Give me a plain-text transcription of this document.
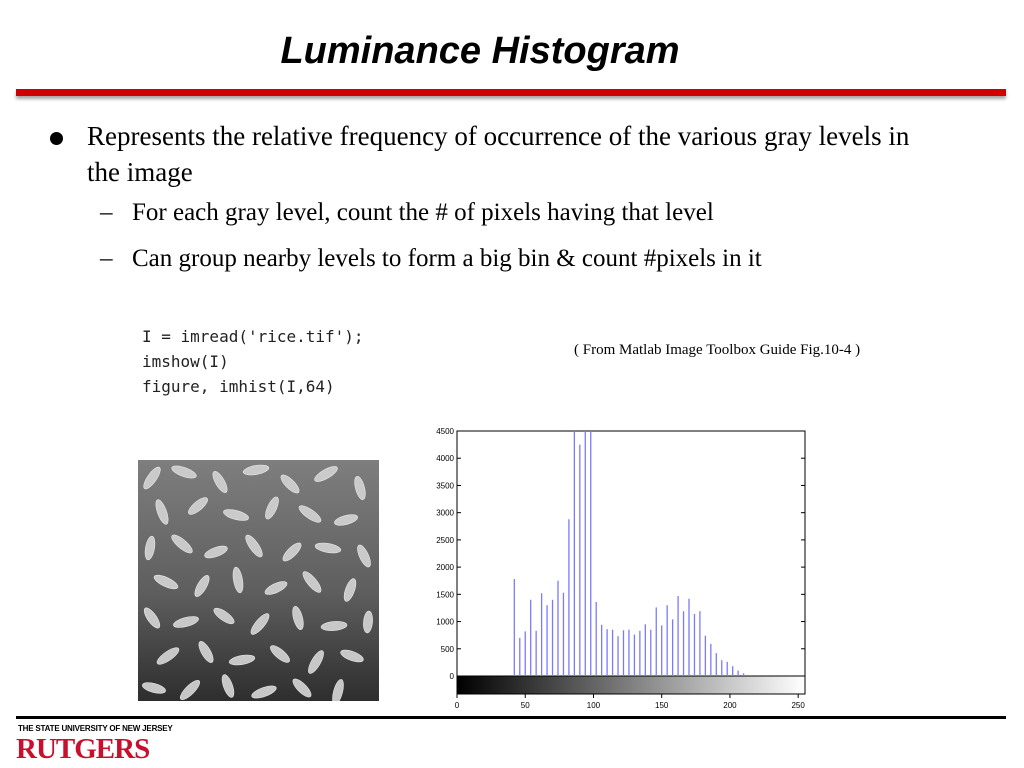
Luminance Histogram
Represents the relative frequency of occurrence of the various gray levels in the image
– For each gray level, count the # of pixels having that level
– Can group nearby levels to form a big bin & count #pixels in it
I = imread('rice.tif');
imshow(I)
figure, imhist(I,64)
( From Matlab Image Toolbox Guide Fig.10-4 )
0
500
1000
1500
2000
2500
3000
3500
4000
4500
0	50	100	150	200	250
THE STATE UNIVERSITY OF NEW JERSEY
RUTGERS
